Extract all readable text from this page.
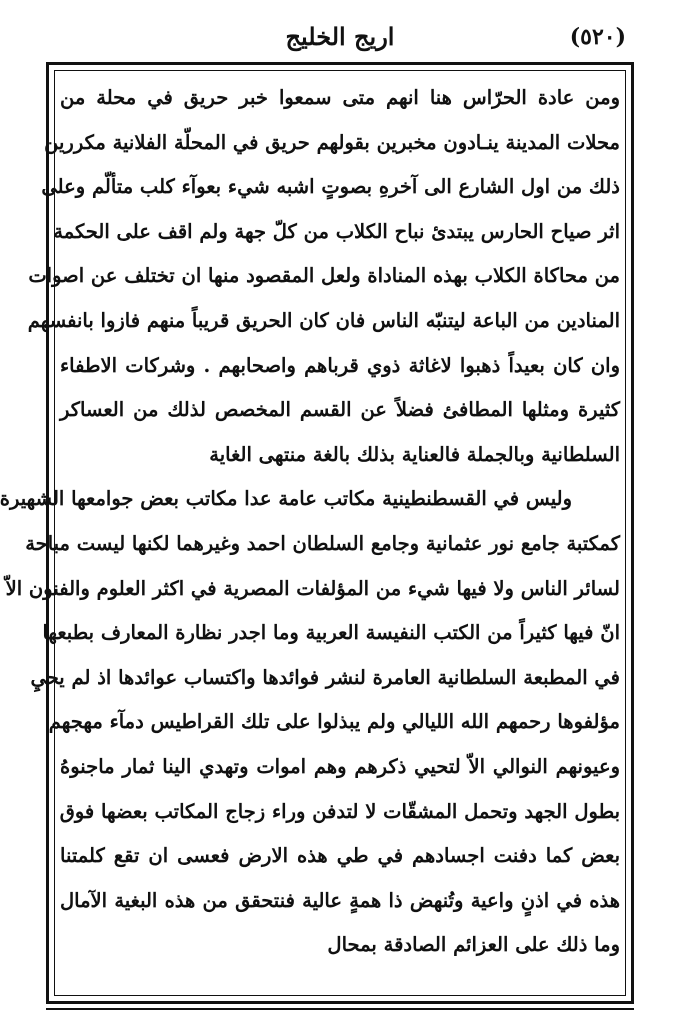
(٥٢٠)
اريج الخليج
ومن عادة الحرّاس هنا انهم متى سمعوا خبر حريق في محلة من
محلات المدينة ينـادون مخبرين بقولهم حريق في المحلّة الفلانية مكررين
ذلك من اول الشارع الى آخرهِ بصوتٍ اشبه شيء بعوآء كلب متألّم وعلى
اثر صياح الحارس يبتدئ نباح الكلاب من كلّ جهة ولم اقف على الحكمة
من محاكاة الكلاب بهذه المناداة ولعل المقصود منها ان تختلف عن اصوات
المنادين من الباعة ليتنبّه الناس فان كان الحريق قريباً منهم فازوا بانفسهم
وان كان بعيداً ذهبوا لاغاثة ذوي قرباهم واصحابهم . وشركات الاطفاء
كثيرة ومثلها المطافئ فضلاً عن القسم المخصص لذلك من العساكر
السلطانية وبالجملة فالعناية بذلك بالغة منتهى الغاية
وليس في القسطنطينية مكاتب عامة عدا مكاتب بعض جوامعها الشهيرة
كمكتبة جامع نور عثمانية وجامع السلطان احمد وغيرهما لكنها ليست مباحة
لسائر الناس ولا فيها شيء من المؤلفات المصرية في اكثر العلوم والفنون الاّ
انّ فيها كثيراً من الكتب النفيسة العربية وما اجدر نظارة المعارف بطبعها
في المطبعة السلطانية العامرة لنشر فوائدها واكتساب عوائدها اذ لم يحيِ
مؤلفوها رحمهم الله الليالي ولم يبذلوا على تلك القراطيس دمآء مهجهم
وعيونهم النوالي الاّ لتحيي ذكرهم وهم اموات وتهدي الينا ثمار ماجنوهُ
بطول الجهد وتحمل المشقّات لا لتدفن وراء زجاج المكاتب بعضها فوق
بعض كما دفنت اجسادهم في طي هذه الارض فعسى ان تقع كلمتنا
هذه في اذنٍ واعية وتُنهض ذا همةٍ عالية فنتحقق من هذه البغية الآمال
وما ذلك على العزائم الصادقة بمحال
